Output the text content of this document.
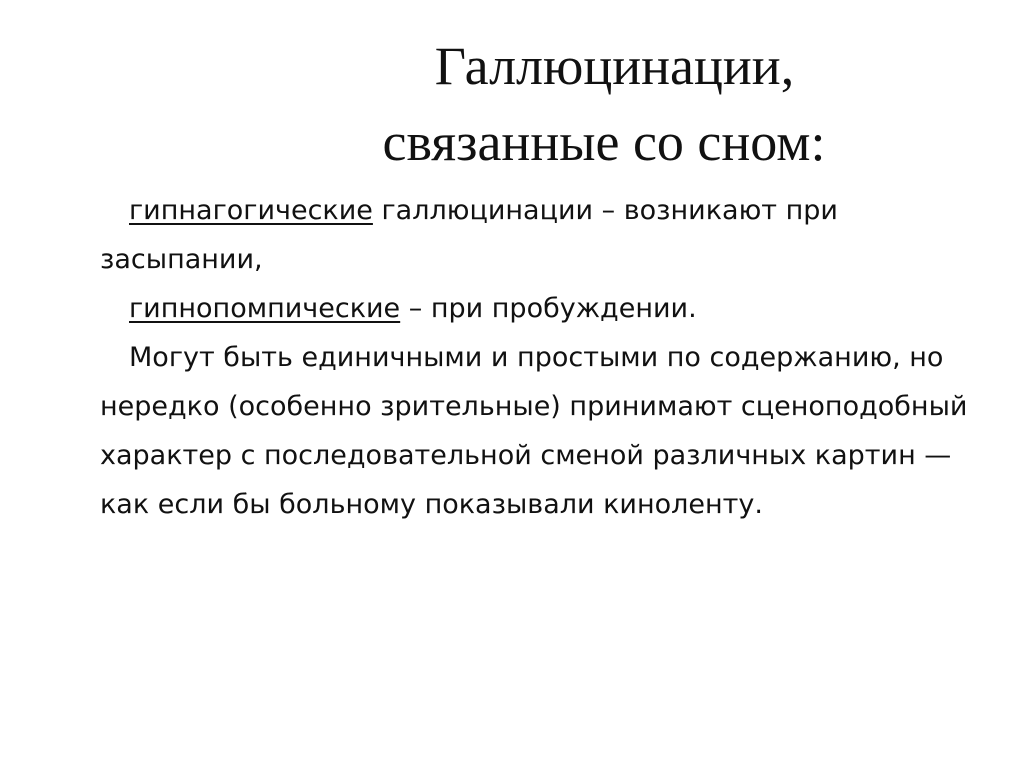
Галлюцинации,
связанные со сном:

гипнагогические галлюцинации – возникают при засыпании,

гипнопомпические – при пробуждении.

Могут быть единичными и простыми по содержанию, но нередко (особенно зрительные) принимают сценоподобный характер с последовательной сменой различных картин — как если бы больному показывали киноленту.
